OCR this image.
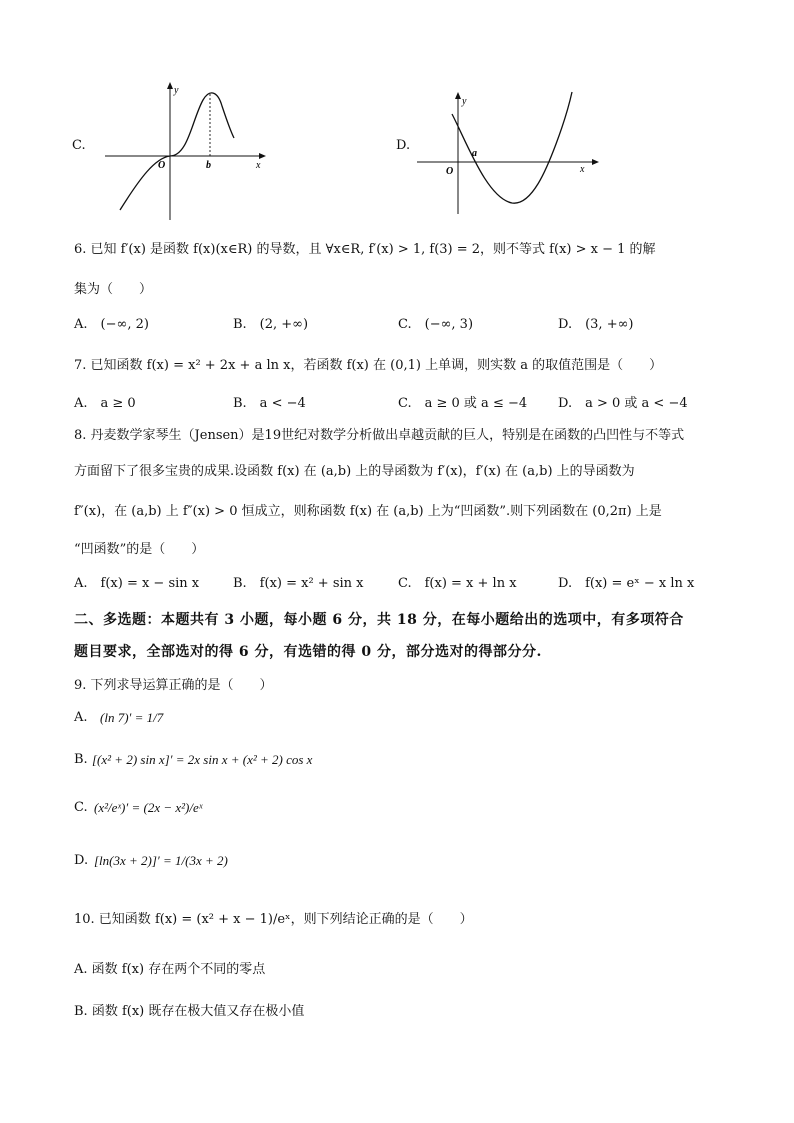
C.
y
x
O	b
D.
y
x
O
a
6. 已知 f′(x) 是函数 f(x)(x∈R) 的导数，且 ∀x∈R, f′(x) > 1, f(3) = 2，则不等式 f(x) > x − 1 的解
集为（　　）
A.　(−∞, 2)	B.　(2, +∞)	C.　(−∞, 3)	D.　(3, +∞)
7. 已知函数 f(x) = x² + 2x + a ln x，若函数 f(x) 在 (0,1) 上单调，则实数 a 的取值范围是（　　）
A.　a ≥ 0	B.　a < −4	C.　a ≥ 0 或 a ≤ −4 D.　a > 0 或 a < −4
8. 丹麦数学家琴生（Jensen）是19世纪对数学分析做出卓越贡献的巨人，特别是在函数的凸凹性与不等式
方面留下了很多宝贵的成果.设函数 f(x) 在 (a,b) 上的导函数为 f′(x)，f′(x) 在 (a,b) 上的导函数为
f″(x)，在 (a,b) 上 f″(x) > 0 恒成立，则称函数 f(x) 在 (a,b) 上为“凹函数”.则下列函数在 (0,2π) 上是
“凹函数”的是（　　）
A.　f(x) = x − sin x	B.　f(x) = x² + sin x	C.　f(x) = x + ln x	D.　f(x) = eˣ − x ln x
二、多选题：本题共有 3 小题，每小题 6 分，共 18 分，在每小题给出的选项中，有多项符合
题目要求，全部选对的得 6 分，有选错的得 0 分，部分选对的得部分分.
9. 下列求导运算正确的是（　　）
A. (ln 7)′ = 1/7
B. [(x² + 2) sin x]′ = 2x sin x + (x² + 2) cos x
C. (x²/eˣ)′ = (2x − x²)/eˣ
D. [ln(3x + 2)]′ = 1/(3x + 2)
10. 已知函数 f(x) = (x² + x − 1)/eˣ，则下列结论正确的是（　　）
A. 函数 f(x) 存在两个不同的零点
B. 函数 f(x) 既存在极大值又存在极小值
